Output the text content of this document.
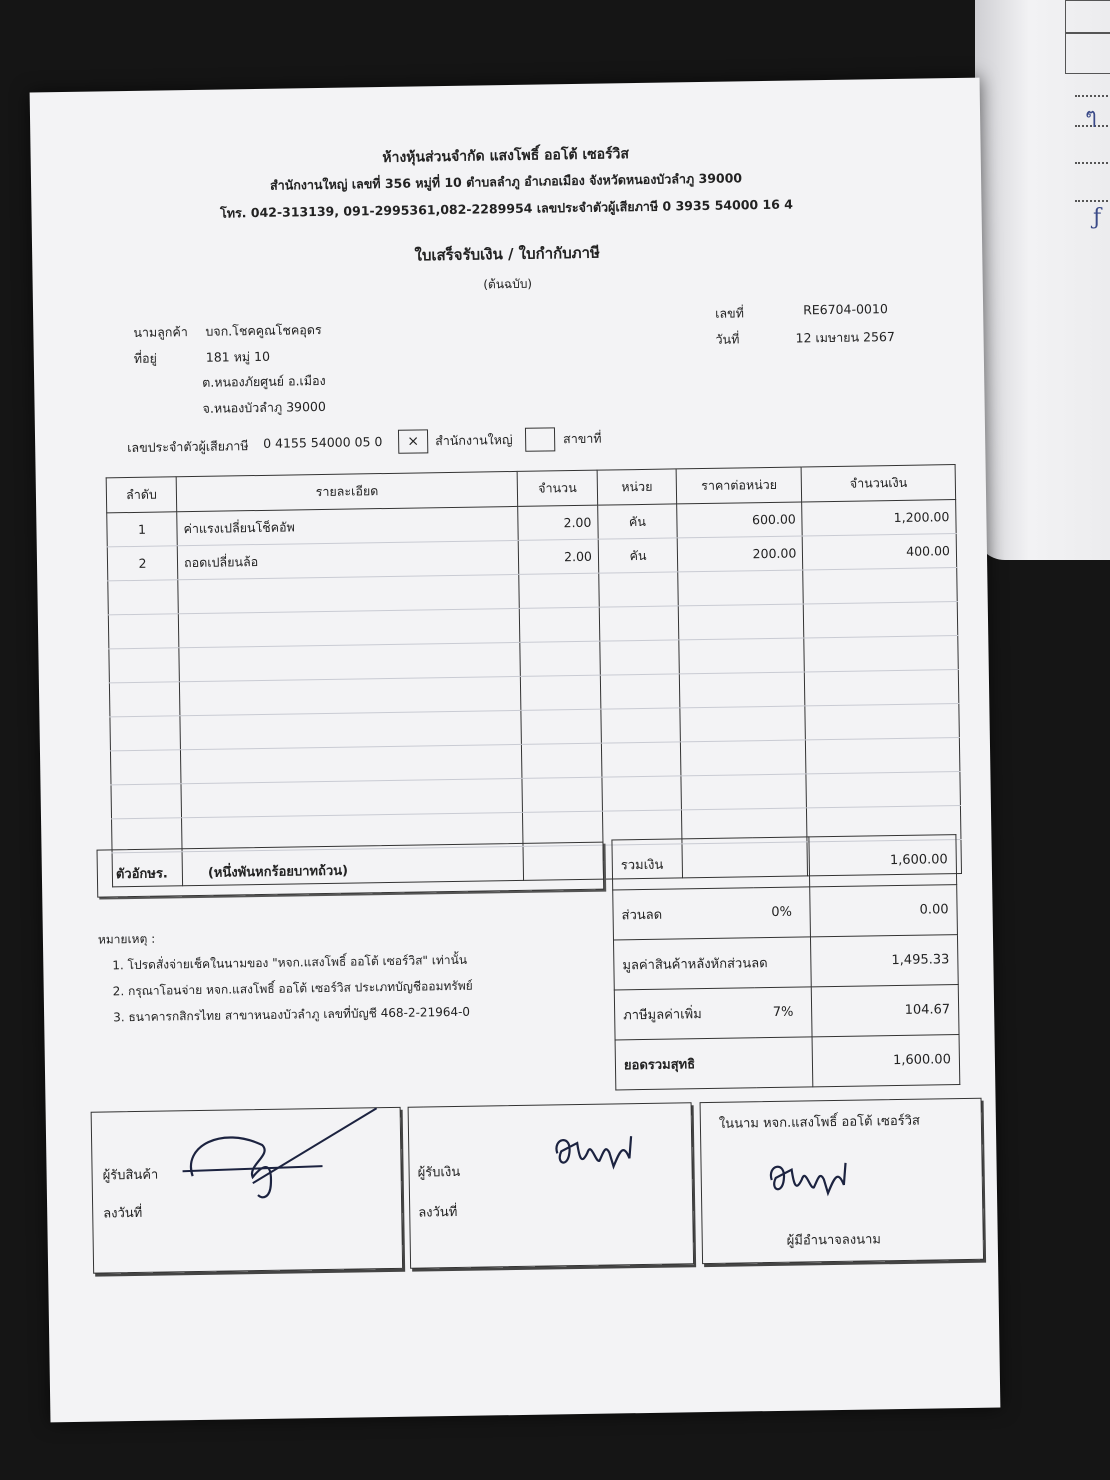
ๆ
ƒ
ห้างหุ้นส่วนจำกัด แสงโพธิ์ ออโต้ เซอร์วิส
สำนักงานใหญ่ เลขที่ 356 หมู่ที่ 10 ตำบลลำภู อำเภอเมือง จังหวัดหนองบัวลำภู 39000
โทร. 042-313139, 091-2995361,082-2289954 เลขประจำตัวผู้เสียภาษี 0 3935 54000 16 4
ใบเสร็จรับเงิน / ใบกำกับภาษี
(ต้นฉบับ)
นามลูกค้า บจก.โชคคูณโชคอุดร
ที่อยู่	181 หมู่ 10
ต.หนองภัยศูนย์ อ.เมือง
จ.หนองบัวลำภู 39000
เลขที่	RE6704-0010
วันที่	12 เมษายน 2567
เลขประจำตัวผู้เสียภาษี 0 4155 54000 05 0	×	สำนักงานใหญ่	สาขาที่
ลำดับ	รายละเอียด	จำนวน	หน่วย	ราคาต่อหน่วย	จำนวนเงิน
1	ค่าแรงเปลี่ยนโช็คอัพ	2.00	คัน	600.00	1,200.00
2	ถอดเปลี่ยนล้อ	2.00	คัน	200.00	400.00

ตัวอักษร.	(หนึ่งพันหกร้อยบาทถ้วน)	รวมเงิน		1,600.00
ส่วนลด	0%	0.00
มูลค่าสินค้าหลังหักส่วนลด		1,495.33
ภาษีมูลค่าเพิ่ม	7%	104.67
ยอดรวมสุทธิ		1,600.00
หมายเหตุ :
1. โปรดสั่งจ่ายเช็คในนามของ "หจก.แสงโพธิ์ ออโต้ เซอร์วิส" เท่านั้น
2. กรุณาโอนจ่าย หจก.แสงโพธิ์ ออโต้ เซอร์วิส ประเภทบัญชีออมทรัพย์
3. ธนาคารกสิกรไทย สาขาหนองบัวลำภู เลขที่บัญชี 468-2-21964-0
ผู้รับสินค้า
ลงวันที่
ผู้รับเงิน
ลงวันที่
ในนาม หจก.แสงโพธิ์ ออโต้ เซอร์วิส
ผู้มีอำนาจลงนาม
